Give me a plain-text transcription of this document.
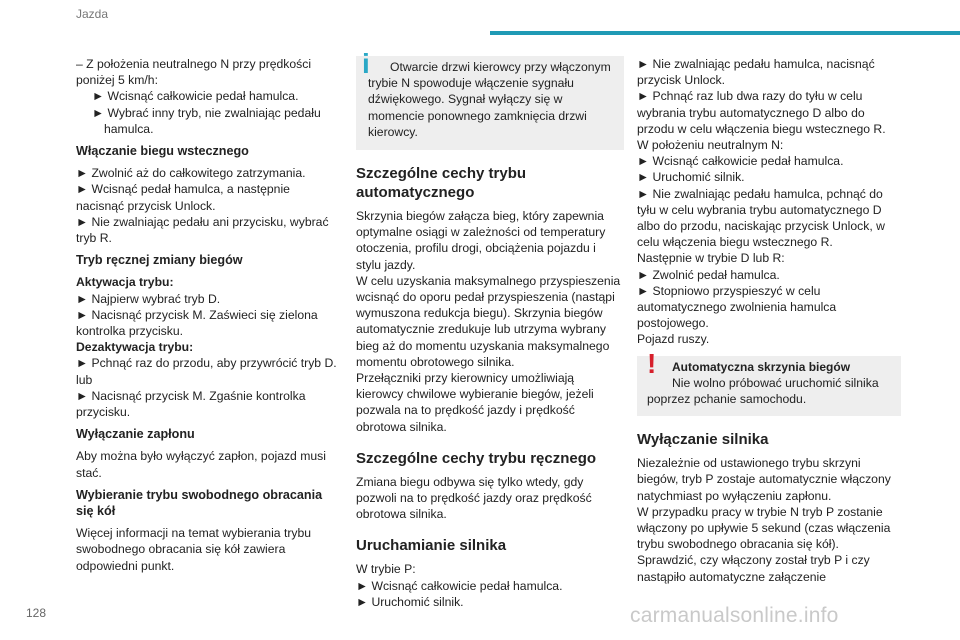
Jazda

– Z położenia neutralnego N przy prędkości poniżej 5 km/h:

► Wcisnąć całkowicie pedał hamulca.

► Wybrać inny tryb, nie zwalniając pedału hamulca.

Włączanie biegu wstecznego

► Zwolnić aż do całkowitego zatrzymania.

► Wcisnąć pedał hamulca, a następnie nacisnąć przycisk Unlock.

► Nie zwalniając pedału ani przycisku, wybrać tryb R.

Tryb ręcznej zmiany biegów

Aktywacja trybu:

► Najpierw wybrać tryb D.

► Nacisnąć przycisk M. Zaświeci się zielona kontrolka przycisku.

Dezaktywacja trybu:

► Pchnąć raz do przodu, aby przywrócić tryb D.

lub

► Nacisnąć przycisk M. Zgaśnie kontrolka przycisku.

Wyłączanie zapłonu

Aby można było wyłączyć zapłon, pojazd musi stać.

Wybieranie trybu swobodnego obracania się kół

Więcej informacji na temat wybierania trybu swobodnego obracania się kół zawiera odpowiedni punkt.

i	Otwarcie drzwi kierowcy przy włączonym trybie N spowoduje włączenie sygnału dźwiękowego. Sygnał wyłączy się w momencie ponownego zamknięcia drzwi kierowcy.

Szczególne cechy trybu automatycznego

Skrzynia biegów załącza bieg, który zapewnia optymalne osiągi w zależności od temperatury otoczenia, profilu drogi, obciążenia pojazdu i stylu jazdy.

W celu uzyskania maksymalnego przyspieszenia wcisnąć do oporu pedał przyspieszenia (nastąpi wymuszona redukcja biegu). Skrzynia biegów automatycznie zredukuje lub utrzyma wybrany bieg aż do momentu uzyskania maksymalnego momentu obrotowego silnika.

Przełączniki przy kierownicy umożliwiają kierowcy chwilowe wybieranie biegów, jeżeli pozwala na to prędkość jazdy i prędkość obrotowa silnika.

Szczególne cechy trybu ręcznego

Zmiana biegu odbywa się tylko wtedy, gdy pozwoli na to prędkość jazdy oraz prędkość obrotowa silnika.

Uruchamianie silnika

W trybie P:

► Wcisnąć całkowicie pedał hamulca.

► Uruchomić silnik.

► Nie zwalniając pedału hamulca, nacisnąć przycisk Unlock.

► Pchnąć raz lub dwa razy do tyłu w celu wybrania trybu automatycznego D albo do przodu w celu włączenia biegu wstecznego R.

W położeniu neutralnym N:

► Wcisnąć całkowicie pedał hamulca.

► Uruchomić silnik.

► Nie zwalniając pedału hamulca, pchnąć do tyłu w celu wybrania trybu automatycznego D albo do przodu, naciskając przycisk Unlock, w celu włączenia biegu wstecznego R.

Następnie w trybie D lub R:

► Zwolnić pedał hamulca.

► Stopniowo przyspieszyć w celu automatycznego zwolnienia hamulca postojowego.

Pojazd ruszy.

!	Automatyczna skrzynia biegów

Nie wolno próbować uruchomić silnika poprzez pchanie samochodu.

Wyłączanie silnika

Niezależnie od ustawionego trybu skrzyni biegów, tryb P zostaje automatycznie włączony natychmiast po wyłączeniu zapłonu.

W przypadku pracy w trybie N tryb P zostanie włączony po upływie 5 sekund (czas włączenia trybu swobodnego obracania się kół).

Sprawdzić, czy włączony został tryb P i czy nastąpiło automatyczne załączenie

128	carmanualsonline.info
